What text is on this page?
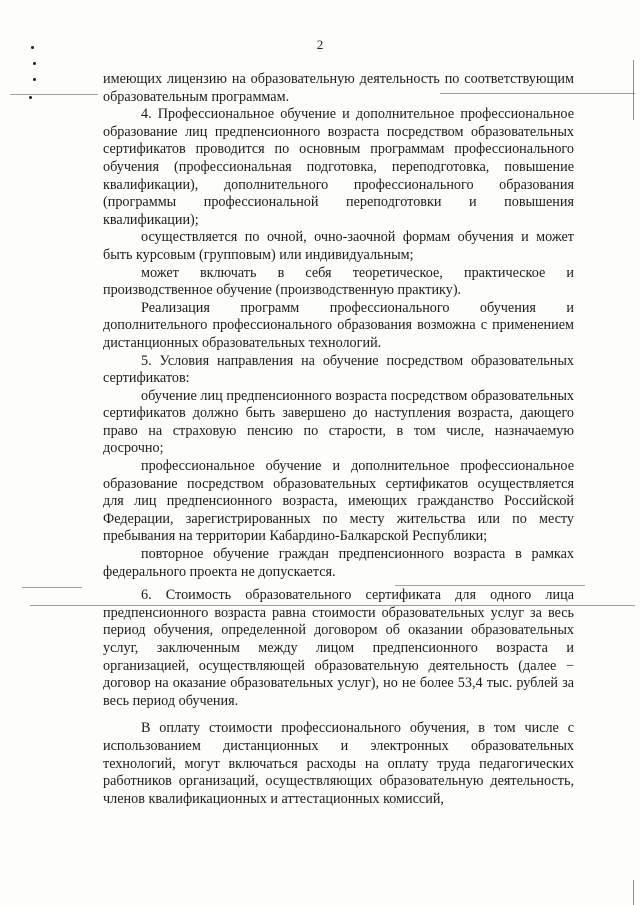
2

имеющих лицензию на образовательную деятельность по соответствующим образовательным программам.

4. Профессиональное обучение и дополнительное профессиональное образование лиц предпенсионного возраста посредством образовательных сертификатов проводится по основным программам профессионального обучения (профессиональная подготовка, переподготовка, повышение квалификации), дополнительного профессионального образования (программы профессиональной переподготовки и повышения квалификации);

осуществляется по очной, очно-заочной формам обучения и может быть курсовым (групповым) или индивидуальным;

может включать в себя теоретическое, практическое и производственное обучение (производственную практику).

Реализация программ профессионального обучения и дополнительного профессионального образования возможна с применением дистанционных образовательных технологий.

5. Условия направления на обучение посредством образовательных сертификатов:

обучение лиц предпенсионного возраста посредством образовательных сертификатов должно быть завершено до наступления возраста, дающего право на страховую пенсию по старости, в том числе, назначаемую досрочно;

профессиональное обучение и дополнительное профессиональное образование посредством образовательных сертификатов осуществляется для лиц предпенсионного возраста, имеющих гражданство Российской Федерации, зарегистрированных по месту жительства или по месту пребывания на территории Кабардино-Балкарской Республики;

повторное обучение граждан предпенсионного возраста в рамках федерального проекта не допускается.

6. Стоимость образовательного сертификата для одного лица предпенсионного возраста равна стоимости образовательных услуг за весь период обучения, определенной договором об оказании образовательных услуг, заключенным между лицом предпенсионного возраста и организацией, осуществляющей образовательную деятельность (далее − договор на оказание образовательных услуг), но не более 53,4 тыс. рублей за весь период обучения.

В оплату стоимости профессионального обучения, в том числе с использованием дистанционных и электронных образовательных технологий, могут включаться расходы на оплату труда педагогических работников организаций, осуществляющих образовательную деятельность, членов квалификационных и аттестационных комиссий,
